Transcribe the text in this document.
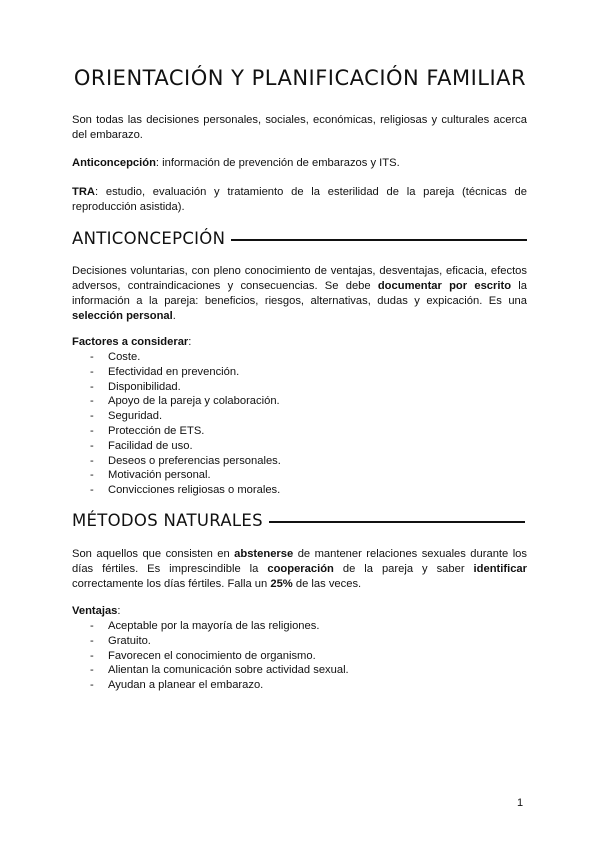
ORIENTACIÓN Y PLANIFICACIÓN FAMILIAR

Son todas las decisiones personales, sociales, económicas, religiosas y culturales acerca del embarazo.

Anticoncepción: información de prevención de embarazos y ITS.

TRA: estudio, evaluación y tratamiento de la esterilidad de la pareja (técnicas de reproducción asistida).

ANTICONCEPCIÓN

Decisiones voluntarias, con pleno conocimiento de ventajas, desventajas, eficacia, efectos adversos, contraindicaciones y consecuencias. Se debe documentar por escrito la información a la pareja: beneficios, riesgos, alternativas, dudas y expicación. Es una selección personal.

Factores a considerar:

-	Coste.
-	Efectividad en prevención.
-	Disponibilidad.
-	Apoyo de la pareja y colaboración.
-	Seguridad.
-	Protección de ETS.
-	Facilidad de uso.
-	Deseos o preferencias personales.
-	Motivación personal.
-	Convicciones religiosas o morales.
MÉTODOS NATURALES

Son aquellos que consisten en abstenerse de mantener relaciones sexuales durante los días fértiles. Es imprescindible la cooperación de la pareja y saber identificar correctamente los días fértiles. Falla un 25% de las veces.

Ventajas:

-	Aceptable por la mayoría de las religiones.
-	Gratuito.
-	Favorecen el conocimiento de organismo.
-	Alientan la comunicación sobre actividad sexual.
-	Ayudan a planear el embarazo.
1
